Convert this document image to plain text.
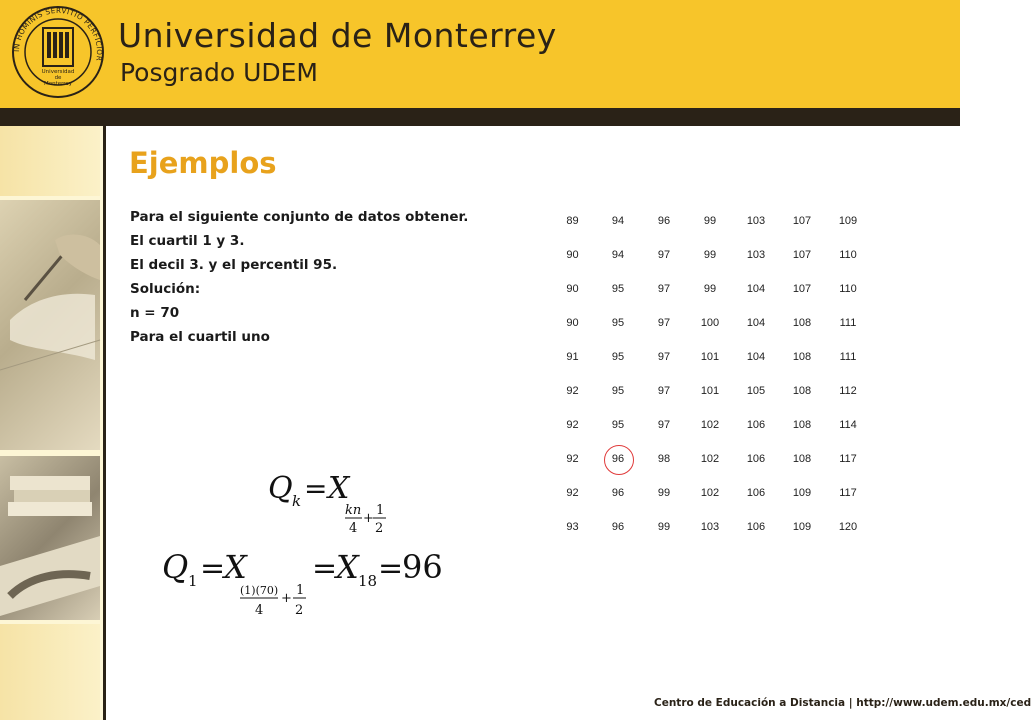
IN HOMINIS SERVITIO PERFICIOR
Universidad
de
Monterrey
Universidad de Monterrey
Posgrado UDEM
Ejemplos
Para el siguiente conjunto de datos obtener.
El cuartil 1 y 3.
El decil 3. y el percentil 95.
Solución:
n = 70
Para el cuartil uno
89	94	96	99	103	107	109
90	94	97	99	103	107	110
90	95	97	99	104	107	110
90	95	97	100	104	108	111
91	95	97	101	104	108	111
92	95	97	101	105	108	112
92	95	97	102	106	108	114
92	96	98	102	106	108	117
92	96	99	102	106	109	117
93	96	99	103	106	109	120
Q k = X
kn
4
+
1
2
Q 1 =
X
(1)(70)
4
+
1
2
=
X 18 =
96
Centro de Educación a Distancia | http://www.udem.edu.mx/ced
